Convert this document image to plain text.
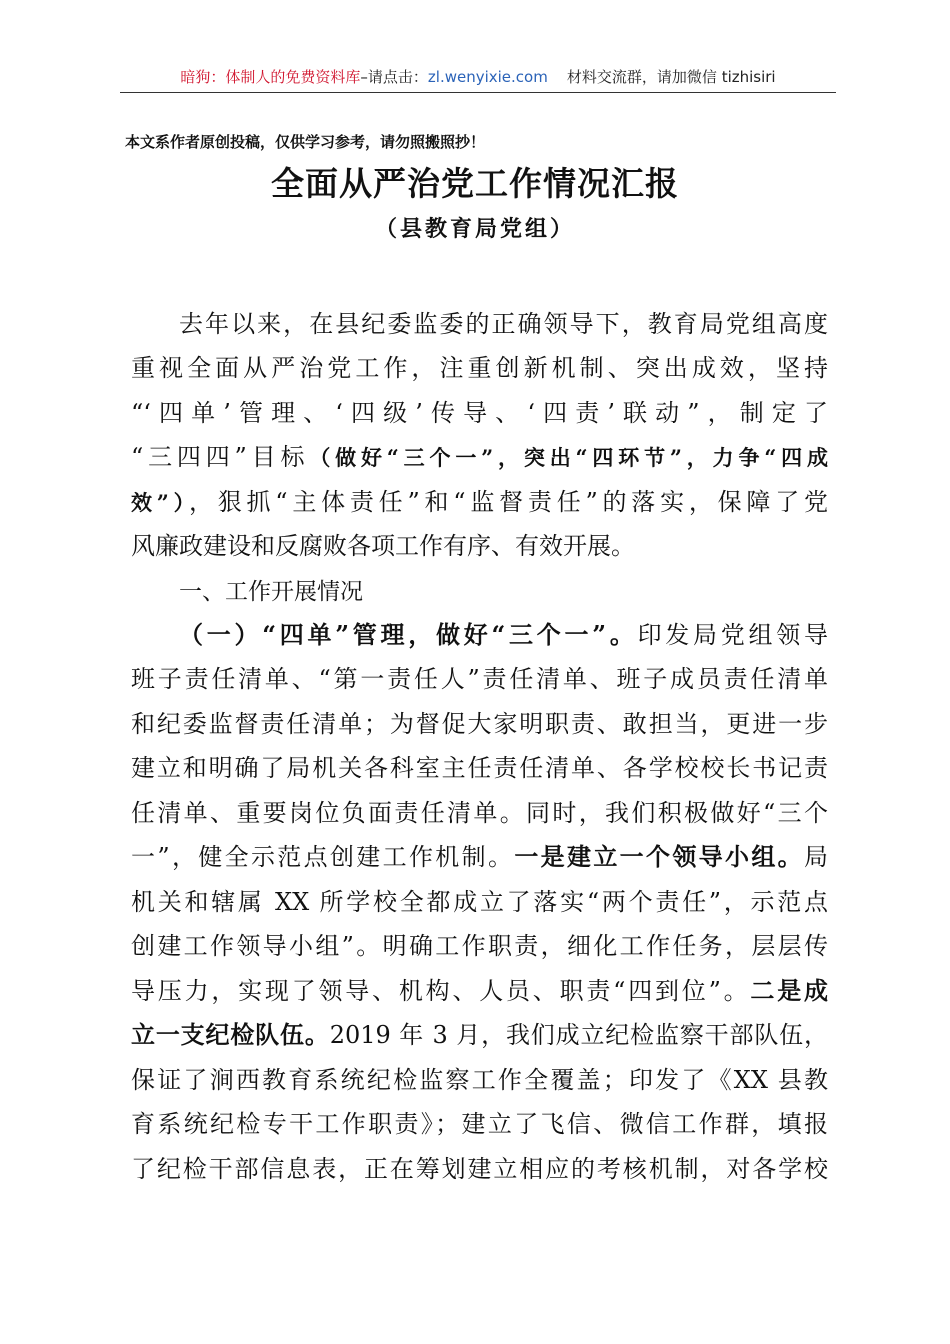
暗狗：体制人的免费资料库–请点击：zl.wenyixie.com 材料交流群，请加微信 tizhisiri
本文系作者原创投稿，仅供学习参考，请勿照搬照抄！
全面从严治党工作情况汇报
（县教育局党组）
去年以来，在县纪委监委的正确领导下，教育局党组高度
重视全面从严治党工作，注重创新机制、突出成效，坚持
“‘四单’管理、‘四级’传导、‘四责’联动”，制定了
“三四四”目标（做好“三个一”，突出“四环节”，力争“四成
效”），狠抓“主体责任”和“监督责任”的落实，保障了党
风廉政建设和反腐败各项工作有序、有效开展。
一、工作开展情况
（一）“四单”管理，做好“三个一”。印发局党组领导
班子责任清单、“第一责任人”责任清单、班子成员责任清单
和纪委监督责任清单；为督促大家明职责、敢担当，更进一步
建立和明确了局机关各科室主任责任清单、各学校校长书记责
任清单、重要岗位负面责任清单。同时，我们积极做好“三个
一”，健全示范点创建工作机制。一是建立一个领导小组。局
机关和辖属 XX 所学校全都成立了落实“两个责任”，示范点
创建工作领导小组”。明确工作职责，细化工作任务，层层传
导压力，实现了领导、机构、人员、职责“四到位”。二是成
立一支纪检队伍。2019 年 3 月，我们成立纪检监察干部队伍，
保证了涧西教育系统纪检监察工作全覆盖；印发了《XX 县教
育系统纪检专干工作职责》；建立了飞信、微信工作群，填报
了纪检干部信息表，正在筹划建立相应的考核机制，对各学校
